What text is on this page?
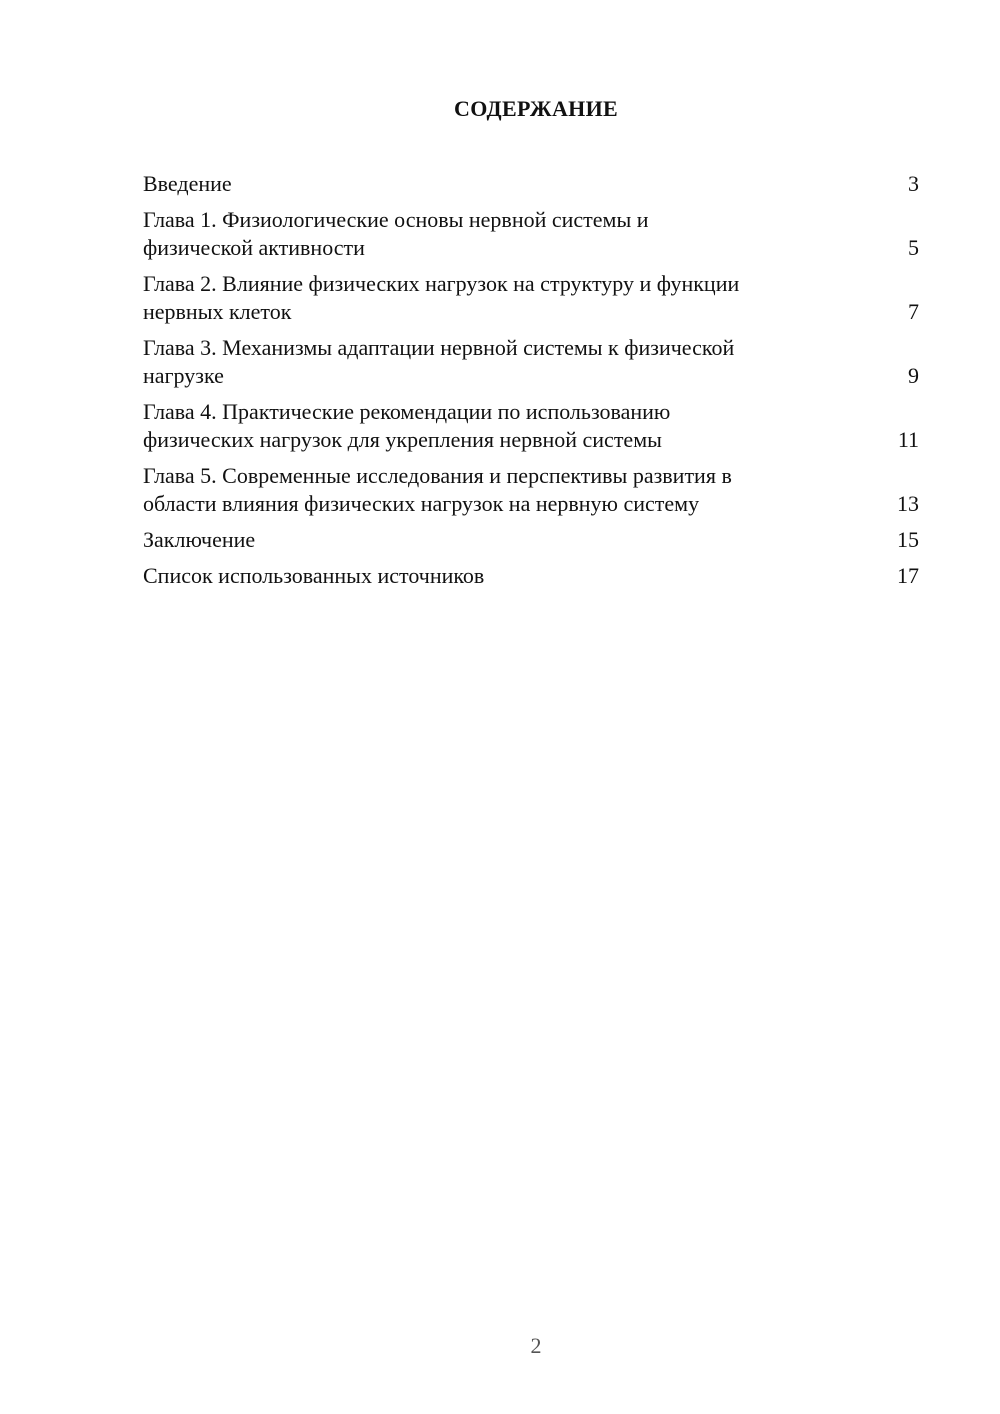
СОДЕРЖАНИЕ
Введение	3
Глава 1. Физиологические основы нервной системы и
физической активности	5
Глава 2. Влияние физических нагрузок на структуру и функции
нервных клеток	7
Глава 3. Механизмы адаптации нервной системы к физической
нагрузке	9
Глава 4. Практические рекомендации по использованию
физических нагрузок для укрепления нервной системы	11
Глава 5. Современные исследования и перспективы развития в
области влияния физических нагрузок на нервную систему	13
Заключение	15
Список использованных источников	17
2
